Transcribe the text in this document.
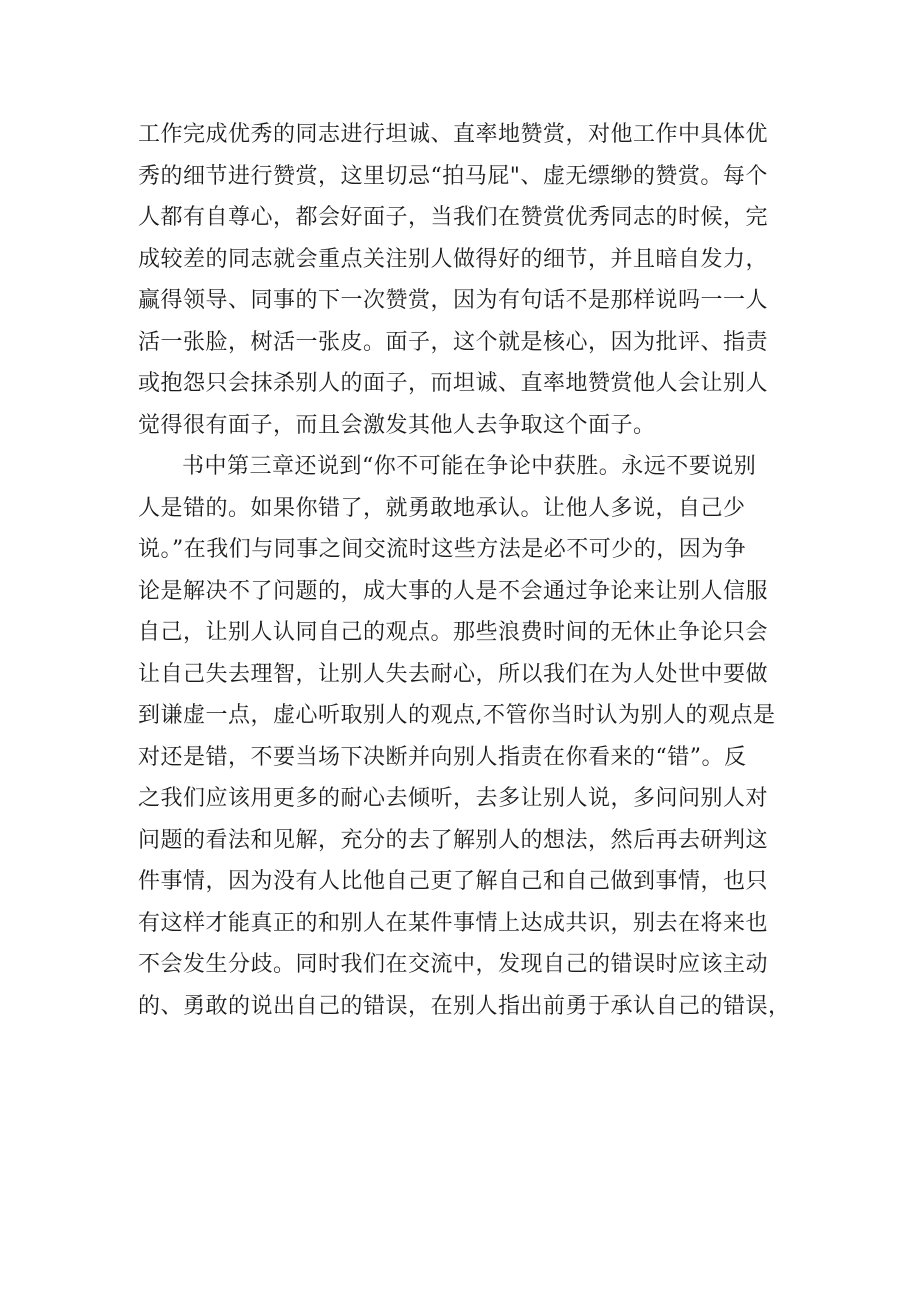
工作完成优秀的同志进行坦诚、直率地赞赏，对他工作中具体优
秀的细节进行赞赏，这里切忌“拍马屁"、虚无缥缈的赞赏。每个
人都有自尊心，都会好面子，当我们在赞赏优秀同志的时候，完
成较差的同志就会重点关注别人做得好的细节，并且暗自发力，
赢得领导、同事的下一次赞赏，因为有句话不是那样说吗一一人
活一张脸，树活一张皮。面子，这个就是核心，因为批评、指责
或抱怨只会抹杀别人的面子，而坦诚、直率地赞赏他人会让别人
觉得很有面子，而且会激发其他人去争取这个面子。
书中第三章还说到“你不可能在争论中获胜。永远不要说别
人是错的。如果你错了，就勇敢地承认。让他人多说，自己少
说。”在我们与同事之间交流时这些方法是必不可少的，因为争
论是解决不了问题的，成大事的人是不会通过争论来让别人信服
自己，让别人认同自己的观点。那些浪费时间的无休止争论只会
让自己失去理智，让别人失去耐心，所以我们在为人处世中要做
到谦虚一点，虚心听取别人的观点,不管你当时认为别人的观点是
对还是错，不要当场下决断并向别人指责在你看来的“错”。反
之我们应该用更多的耐心去倾听，去多让别人说，多问问别人对
问题的看法和见解，充分的去了解别人的想法，然后再去研判这
件事情，因为没有人比他自己更了解自己和自己做到事情，也只
有这样才能真正的和别人在某件事情上达成共识，别去在将来也
不会发生分歧。同时我们在交流中，发现自己的错误时应该主动
的、勇敢的说出自己的错误，在别人指出前勇于承认自己的错误，
